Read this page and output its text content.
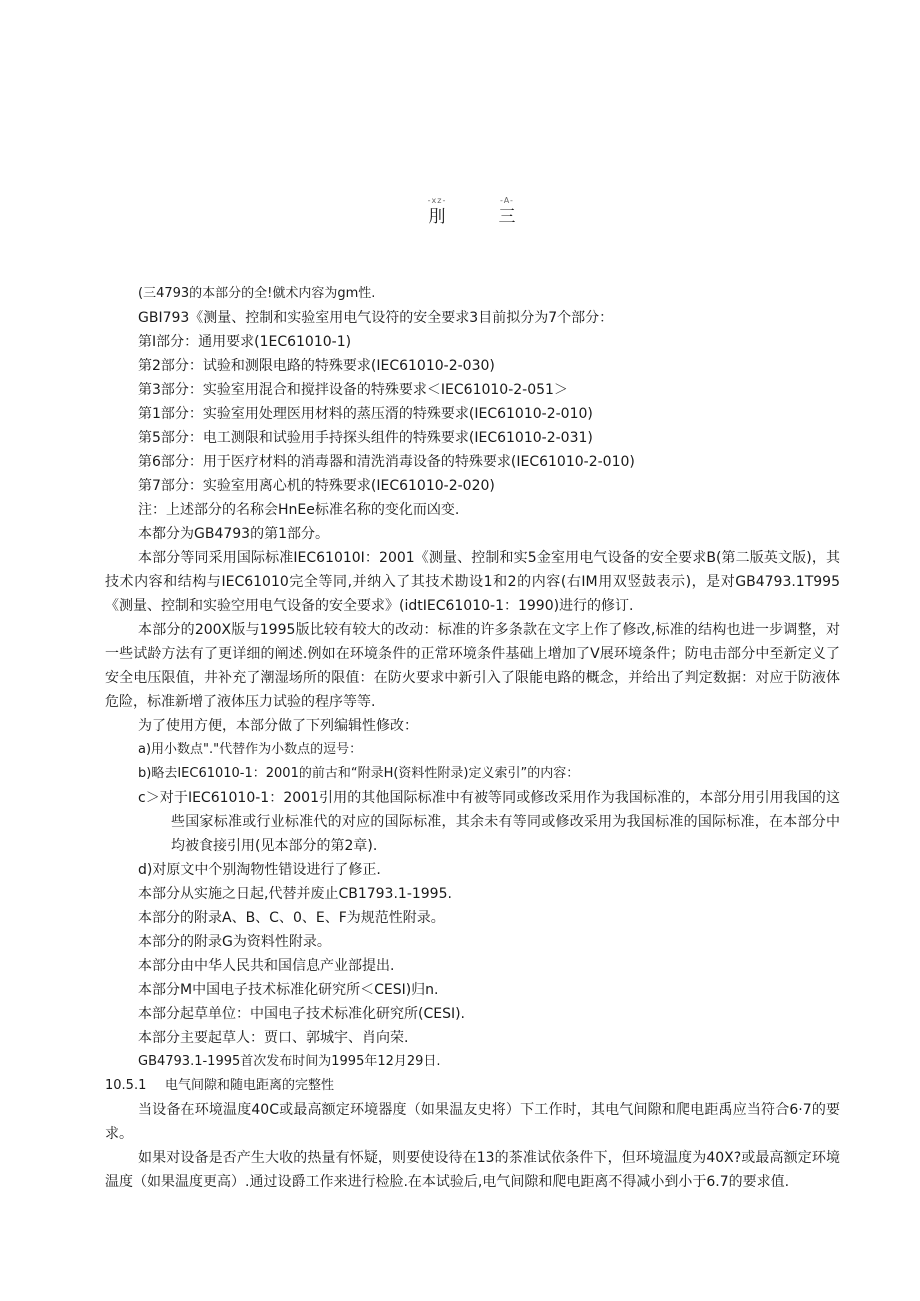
-xz-
刖
-A-
三
(三4793的本部分的全!僦术内容为gm性.
GBI793《测量、控制和实验室用电气设符的安全要求3目前拟分为7个部分：
第I部分：通用要求(1EC61010-1)
第2部分：试验和测限电路的特殊要求(IEC61010-2-030)
第3部分：实验室用混合和搅拌设备的特殊要求＜IEC61010-2-051＞
第1部分：实验室用处理医用材料的蒸压湑的特殊要求(IEC61010-2-010)
第5部分：电工测限和试验用手持探头组件的特殊要求(IEC61010-2-031)
第6部分：用于医疗材料的消毒器和清洗消毒设备的特殊要求(IEC61010-2-010)
第7部分：实验室用离心机的特殊要求(IEC61010-2-020)
注：上述部分的名称会HnEe标准名称的变化而凶变.
本都分为GB4793的第1部分。
本部分等同采用国际标准IEC61010I：2001《测量、控制和实5金室用电气设备的安全要求B(第二版英文版)，其技术内容和结构与IEC61010完全等同,并纳入了其技术勘设1和2的内容(右IM用双竖鼓表示)，是对GB4793.1T995《测量、控制和实验空用电气设备的安全要求》(idtIEC61010-1：1990)进行的修订.
本部分的200X版与1995版比较有较大的改动：标准的许多条款在文字上作了修改,标准的结构也进一步调整，对一些试龄方法有了更详细的阐述.例如在环境条件的正常环境条件基础上增加了V展环境条件；防电击部分中至新定义了安全电压限值，井补充了潮湿场所的限值：在防火要求中新引入了限能电路的概念，并给出了判定数据：对应于防液体危险，标准新增了液体压力试验的程序等等.
为了使用方便，本部分做了下列编辑性修改：
a)用小数点"."代替作为小数点的逗号：
b)略去IEC61010-1：2001的前古和“附录H(资料性附录)定义索引”的内容：
c＞对于IEC61010-1：2001引用的其他国际标准中有被等同或修改采用作为我国标准的，本部分用引用我国的这些国家标准或行业标准代的对应的国际标准，其余未有等同或修改采用为我国标准的国际标准，在本部分中均被食接引用(见本部分的第2章).
d)对原文中个别淘物性错设进行了修正.
本部分从实施之日起,代替并废止CB1793.1-1995.
本部分的附录A、B、C、0、E、F为规范性附录。
本部分的附录G为资料性附录。
本部分由中华人民共和国信息产业部提出.
本部分M中国电子技术标准化研究所＜CESI)归n.
本部分起草单位：中国电子技术标准化研究所(CESI).
本部分主要起草人：贾口、郭城宇、肖向荣.
GB4793.1-1995首次发布时间为1995年12月29日.
10.5.1	电气间隙和随电距离的完整性
当设备在环境温度40C或最高额定环境器度（如果温友史将）下工作时，其电气间隙和爬电距禹应当符合6·7的要求。
如果对设备是否产生大收的热量有怀疑，则要使设待在13的茶准试依条件下，但环境温度为40X?或最高额定环境温度（如果温度更高）.通过设爵工作来进行检脸.在本试验后,电气间隙和爬电距离不得减小到小于6.7的要求值.
